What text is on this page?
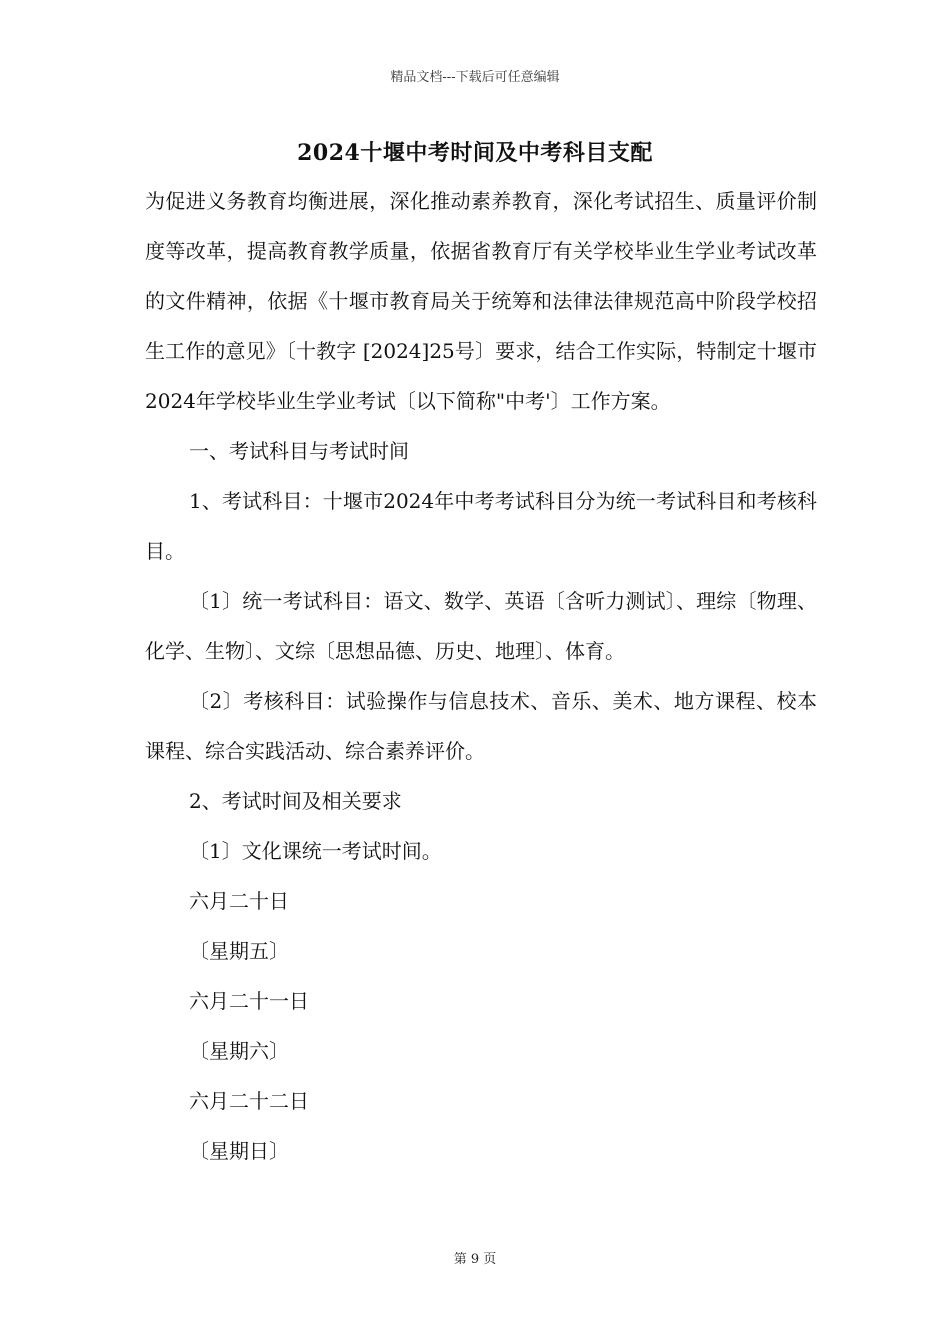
精品文档---下载后可任意编辑
2024十堰中考时间及中考科目支配

为促进义务教育均衡进展，深化推动素养教育，深化考试招生、质量评价制度等改革，提高教育教学质量，依据省教育厅有关学校毕业生学业考试改革的文件精神，依据《十堰市教育局关于统筹和法律法律规范高中阶段学校招生工作的意见》〔十教字 [2024]25号〕要求，结合工作实际，特制定十堰市2024年学校毕业生学业考试〔以下简称"中考'〕工作方案。

一、考试科目与考试时间

1、考试科目：十堰市2024年中考考试科目分为统一考试科目和考核科目。

〔1〕统一考试科目：语文、数学、英语〔含听力测试〕、理综〔物理、化学、生物〕、文综〔思想品德、历史、地理〕、体育。

〔2〕考核科目：试验操作与信息技术、音乐、美术、地方课程、校本课程、综合实践活动、综合素养评价。

2、考试时间及相关要求

〔1〕文化课统一考试时间。

六月二十日

〔星期五〕

六月二十一日

〔星期六〕

六月二十二日

〔星期日〕

第 9 页
